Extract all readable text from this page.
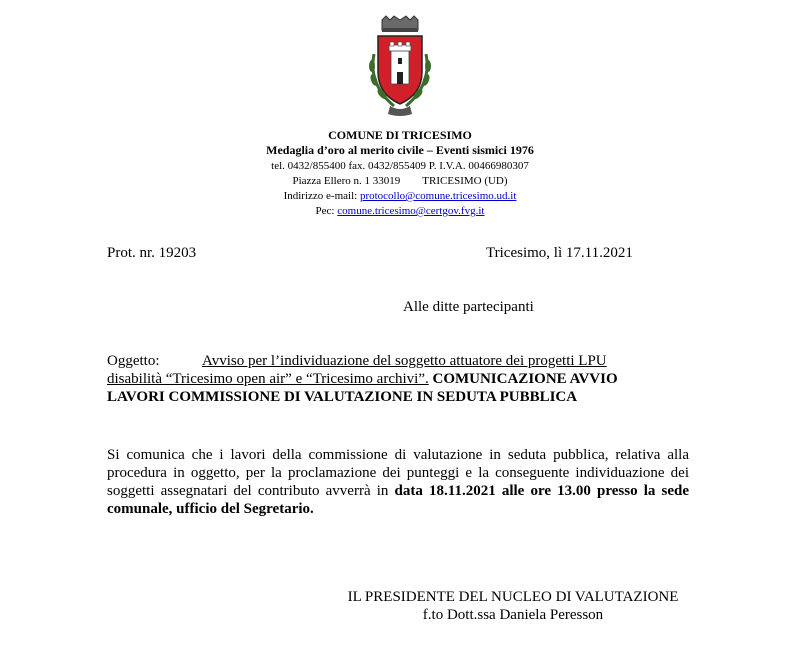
COMUNE DI TRICESIMO
Medaglia d’oro al merito civile – Eventi sismici 1976
tel. 0432/855400 fax. 0432/855409 P. I.V.A. 00466980307
Piazza Ellero n. 1 33019 TRICESIMO (UD)
Indirizzo e-mail: protocollo@comune.tricesimo.ud.it
Pec: comune.tricesimo@certgov.fvg.it
Prot. nr. 19203	Tricesimo, lì 17.11.2021
Alle ditte partecipanti
Oggetto:	Avviso per l’individuazione del soggetto attuatore dei progetti LPU disabilità “Tricesimo open air” e “Tricesimo archivi”. COMUNICAZIONE AVVIO LAVORI COMMISSIONE DI VALUTAZIONE IN SEDUTA PUBBLICA
Si comunica che i lavori della commissione di valutazione in seduta pubblica, relativa alla procedura in oggetto, per la proclamazione dei punteggi e la conseguente individuazione dei soggetti assegnatari del contributo avverrà in data 18.11.2021 alle ore 13.00 presso la sede comunale, ufficio del Segretario.
IL PRESIDENTE DEL NUCLEO DI VALUTAZIONE
f.to Dott.ssa Daniela Peresson
